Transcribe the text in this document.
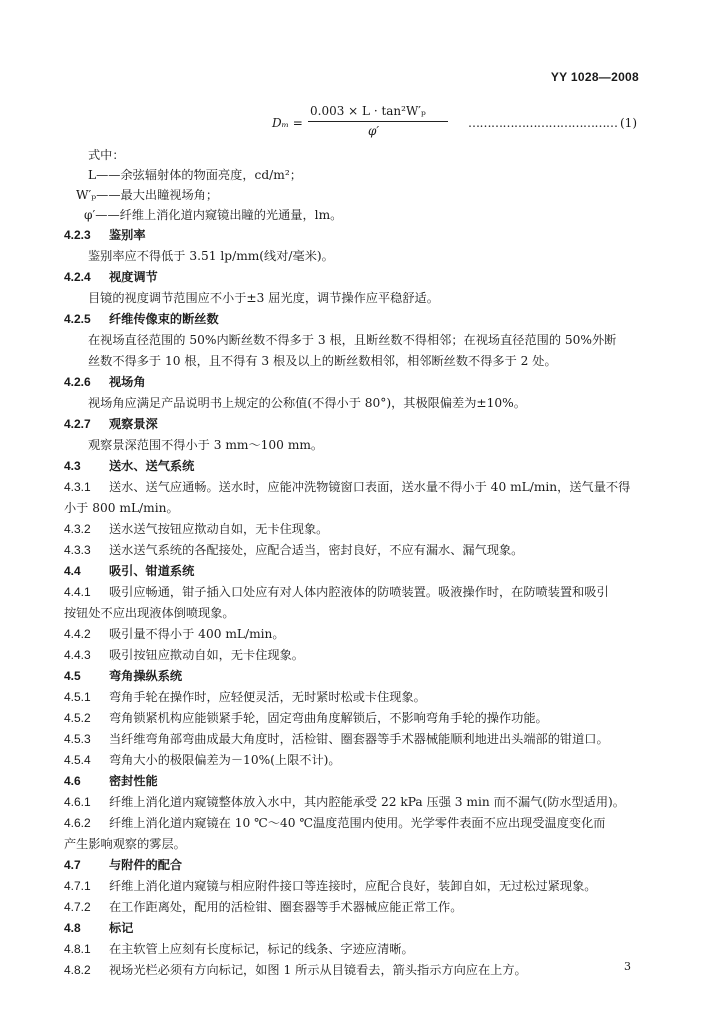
YY 1028—2008
Dₘ =
0.003 × L · tan²W′ₚ
φ′
………………………………… (1)
式中：
L——余弦辐射体的物面亮度，cd/m²；
W′ₚ——最大出瞳视场角；
φ′——纤维上消化道内窥镜出瞳的光通量，lm。
4.2.3 鉴别率
鉴别率应不得低于 3.51 lp/mm(线对/毫米)。
4.2.4 视度调节
目镜的视度调节范围应不小于±3 屈光度，调节操作应平稳舒适。
4.2.5 纤维传像束的断丝数
在视场直径范围的 50%内断丝数不得多于 3 根，且断丝数不得相邻；在视场直径范围的 50%外断
丝数不得多于 10 根，且不得有 3 根及以上的断丝数相邻，相邻断丝数不得多于 2 处。
4.2.6 视场角
视场角应满足产品说明书上规定的公称值(不得小于 80°)，其极限偏差为±10%。
4.2.7 观察景深
观察景深范围不得小于 3 mm～100 mm。
4.3 送水、送气系统
4.3.1 送水、送气应通畅。送水时，应能冲洗物镜窗口表面，送水量不得小于 40 mL/min，送气量不得
小于 800 mL/min。
4.3.2 送水送气按钮应揿动自如，无卡住现象。
4.3.3 送水送气系统的各配接处，应配合适当，密封良好，不应有漏水、漏气现象。
4.4 吸引、钳道系统
4.4.1 吸引应畅通，钳子插入口处应有对人体内腔液体的防喷装置。吸液操作时，在防喷装置和吸引
按钮处不应出现液体倒喷现象。
4.4.2 吸引量不得小于 400 mL/min。
4.4.3 吸引按钮应揿动自如，无卡住现象。
4.5 弯角操纵系统
4.5.1 弯角手轮在操作时，应轻便灵活，无时紧时松或卡住现象。
4.5.2 弯角锁紧机构应能锁紧手轮，固定弯曲角度解锁后，不影响弯角手轮的操作功能。
4.5.3 当纤维弯角部弯曲成最大角度时，活检钳、圈套器等手术器械能顺利地进出头端部的钳道口。
4.5.4 弯角大小的极限偏差为－10%(上限不计)。
4.6 密封性能
4.6.1 纤维上消化道内窥镜整体放入水中，其内腔能承受 22 kPa 压强 3 min 而不漏气(防水型适用)。
4.6.2 纤维上消化道内窥镜在 10 ℃～40 ℃温度范围内使用。光学零件表面不应出现受温度变化而
产生影响观察的雾层。
4.7 与附件的配合
4.7.1 纤维上消化道内窥镜与相应附件接口等连接时，应配合良好，装卸自如，无过松过紧现象。
4.7.2 在工作距离处，配用的活检钳、圈套器等手术器械应能正常工作。
4.8 标记
4.8.1 在主软管上应刻有长度标记，标记的线条、字迹应清晰。
4.8.2 视场光栏必须有方向标记，如图 1 所示从目镜看去，箭头指示方向应在上方。	3
